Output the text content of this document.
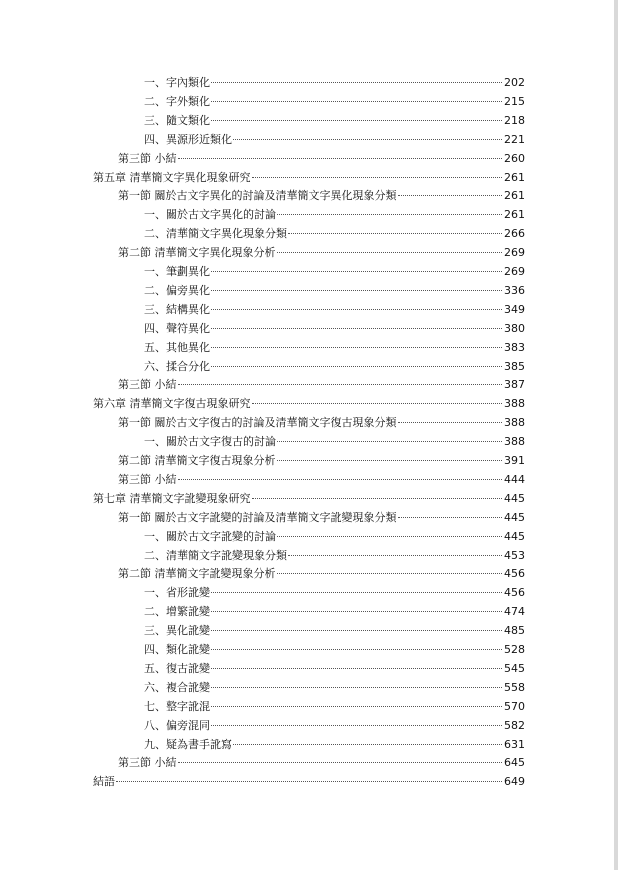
一、字內類化	202
二、字外類化	215
三、隨文類化	218
四、異源形近類化	221
第三節 小結	260
第五章 清華簡文字異化現象研究	261
第一節 關於古文字異化的討論及清華簡文字異化現象分類	261
一、關於古文字異化的討論	261
二、清華簡文字異化現象分類	266
第二節 清華簡文字異化現象分析	269
一、筆劃異化	269
二、偏旁異化	336
三、結構異化	349
四、聲符異化	380
五、其他異化	383
六、揉合分化	385
第三節 小結	387
第六章 清華簡文字復古現象研究	388
第一節 關於古文字復古的討論及清華簡文字復古現象分類	388
一、關於古文字復古的討論	388
第二節 清華簡文字復古現象分析	391
第三節 小結	444
第七章 清華簡文字訛變現象研究	445
第一節 關於古文字訛變的討論及清華簡文字訛變現象分類	445
一、關於古文字訛變的討論	445
二、清華簡文字訛變現象分類	453
第二節 清華簡文字訛變現象分析	456
一、省形訛變	456
二、增繁訛變	474
三、異化訛變	485
四、類化訛變	528
五、復古訛變	545
六、複合訛變	558
七、整字訛混	570
八、偏旁混同	582
九、疑為書手訛寫	631
第三節 小結	645
結語	649
